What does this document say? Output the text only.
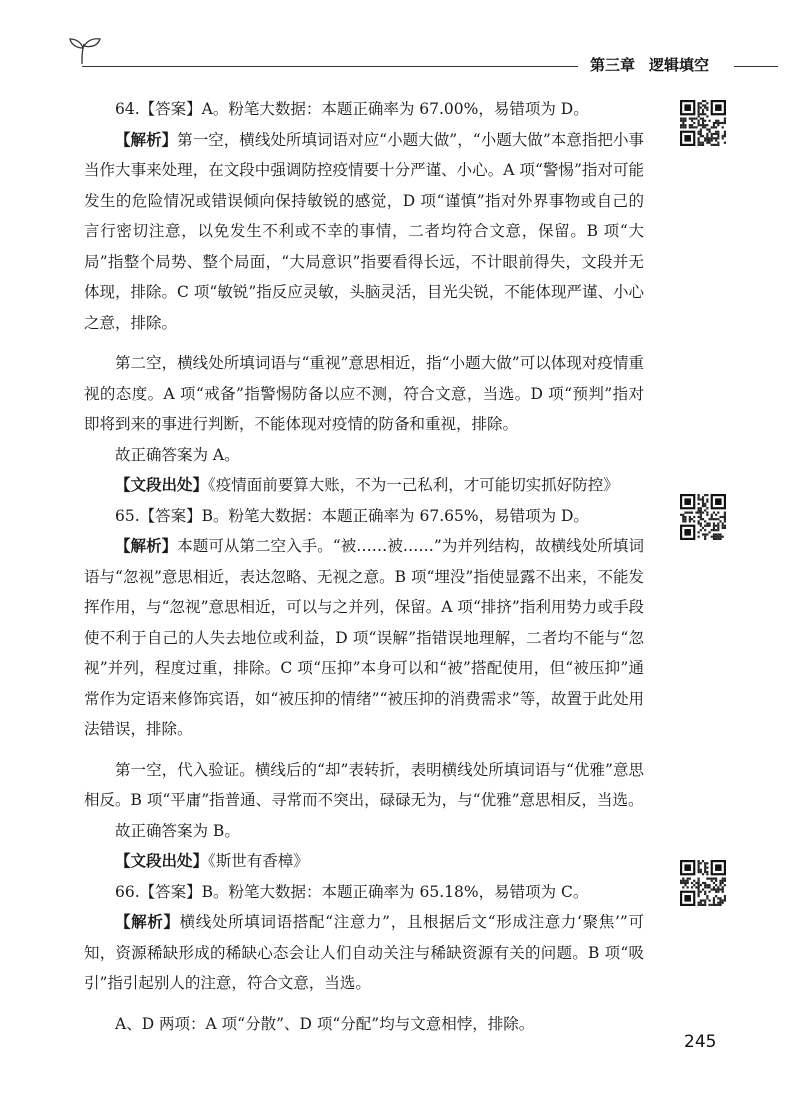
第三章 逻辑填空

64.【答案】A。粉笔大数据：本题正确率为 67.00%，易错项为 D。

【解析】第一空，横线处所填词语对应“小题大做”，“小题大做”本意指把小事当作大事来处理，在文段中强调防控疫情要十分严谨、小心。A 项“警惕”指对可能发生的危险情况或错误倾向保持敏锐的感觉，D 项“谨慎”指对外界事物或自己的言行密切注意，以免发生不利或不幸的事情，二者均符合文意，保留。B 项“大局”指整个局势、整个局面，“大局意识”指要看得长远，不计眼前得失，文段并无体现，排除。C 项“敏锐”指反应灵敏，头脑灵活，目光尖锐，不能体现严谨、小心之意，排除。

第二空，横线处所填词语与“重视”意思相近，指“小题大做”可以体现对疫情重视的态度。A 项“戒备”指警惕防备以应不测，符合文意，当选。D 项“预判”指对即将到来的事进行判断，不能体现对疫情的防备和重视，排除。

故正确答案为 A。

【文段出处】《疫情面前要算大账，不为一己私利，才可能切实抓好防控》

65.【答案】B。粉笔大数据：本题正确率为 67.65%，易错项为 D。

【解析】本题可从第二空入手。“被……被……”为并列结构，故横线处所填词语与“忽视”意思相近，表达忽略、无视之意。B 项“埋没”指使显露不出来，不能发挥作用，与“忽视”意思相近，可以与之并列，保留。A 项“排挤”指利用势力或手段使不利于自己的人失去地位或利益，D 项“误解”指错误地理解，二者均不能与“忽视”并列，程度过重，排除。C 项“压抑”本身可以和“被”搭配使用，但“被压抑”通常作为定语来修饰宾语，如“被压抑的情绪”“被压抑的消费需求”等，故置于此处用法错误，排除。

第一空，代入验证。横线后的“却”表转折，表明横线处所填词语与“优雅”意思相反。B 项“平庸”指普通、寻常而不突出，碌碌无为，与“优雅”意思相反，当选。

故正确答案为 B。

【文段出处】《斯世有香樟》

66.【答案】B。粉笔大数据：本题正确率为 65.18%，易错项为 C。

【解析】横线处所填词语搭配“注意力”，且根据后文“形成注意力‘聚焦’”可知，资源稀缺形成的稀缺心态会让人们自动关注与稀缺资源有关的问题。B 项“吸引”指引起别人的注意，符合文意，当选。

A、D 两项：A 项“分散”、D 项“分配”均与文意相悖，排除。

245
